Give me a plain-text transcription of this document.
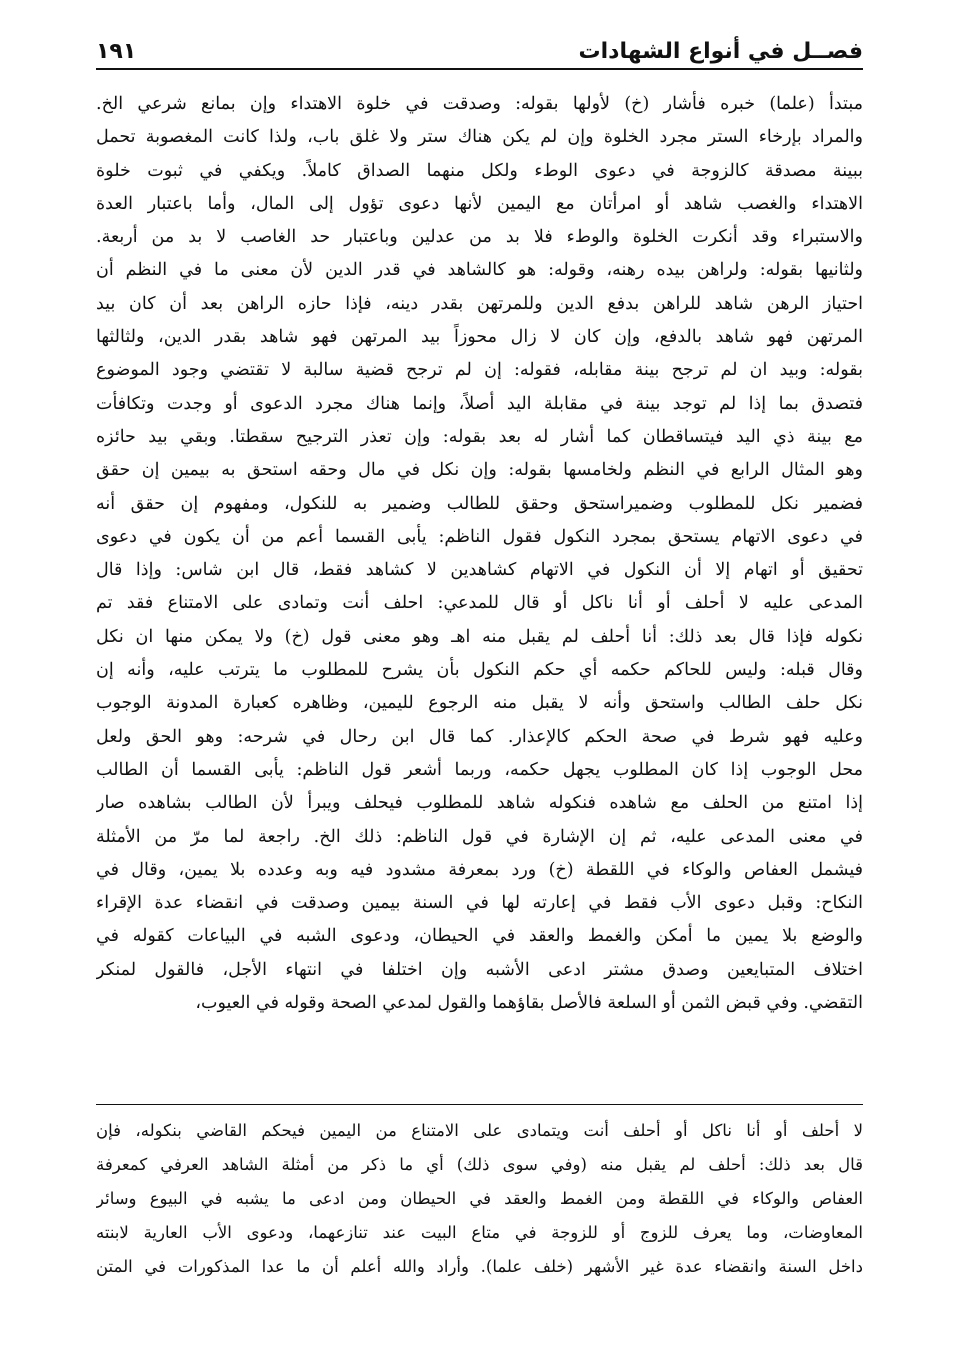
فصــل في أنواع الشهادات
١٩١
مبتدأ (علما) خبره فأشار (خ) لأولها بقوله: وصدقت في خلوة الاهتداء وإن بمانع شرعي الخ.
والمراد بإرخاء الستر مجرد الخلوة وإن لم يكن هناك ستر ولا غلق باب، ولذا كانت المغصوبة تحمل
ببينة مصدقة كالزوجة في دعوى الوطء ولكل منهما الصداق كاملاً. ويكفي في ثبوت خلوة
الاهتداء والغصب شاهد أو امرأتان مع اليمين لأنها دعوى تؤول إلى المال، وأما باعتبار العدة
والاستبراء وقد أنكرت الخلوة والوطء فلا بد من عدلين وباعتبار حد الغاصب لا بد من أربعة.
ولثانيها بقوله: ولراهن بيده رهنه، وقوله: هو كالشاهد في قدر الدين لأن معنى ما في النظم أن
احتياز الرهن شاهد للراهن بدفع الدين وللمرتهن بقدر دينه، فإذا حازه الراهن بعد أن كان بيد
المرتهن فهو شاهد بالدفع، وإن كان لا زال محوزاً بيد المرتهن فهو شاهد بقدر الدين، ولثالثها
بقوله: وبيد ان لم ترجح بينة مقابله، فقوله: إن لم ترجح قضية سالبة لا تقتضي وجود الموضوع
فتصدق بما إذا لم توجد بينة في مقابلة اليد أصلاً، وإنما هناك مجرد الدعوى أو وجدت وتكافأت
مع بينة ذي اليد فيتساقطان كما أشار له بعد بقوله: وإن تعذر الترجيح سقطتا. وبقي بيد حائزه
وهو المثال الرابع في النظم ولخامسها بقوله: وإن نكل في مال وحقه استحق به بيمين إن حقق
فضمير نكل للمطلوب وضميراستحق وحقق للطالب وضمير به للنكول، ومفهوم إن حقق أنه
في دعوى الاتهام يستحق بمجرد النكول فقول الناظم: يأبى القسما أعم من أن يكون في دعوى
تحقيق أو اتهام إلا أن النكول في الاتهام كشاهدين لا كشاهد فقط، قال ابن شاس: وإذا قال
المدعى عليه لا أحلف أو أنا ناكل أو قال للمدعي: احلف أنت وتمادى على الامتناع فقد تم
نكوله فإذا قال بعد ذلك: أنا أحلف لم يقبل منه اهـ وهو معنى قول (خ) ولا يمكن منها ان نكل
وقال قبله: وليس للحاكم حكمه أي حكم النكول بأن يشرح للمطلوب ما يترتب عليه، وأنه إن
نكل حلف الطالب واستحق وأنه لا يقبل منه الرجوع لليمين، وظاهره كعبارة المدونة الوجوب
وعليه فهو شرط في صحة الحكم كالإعذار. كما قال ابن رحال في شرحه: وهو الحق ولعل
محل الوجوب إذا كان المطلوب يجهل حكمه، وربما أشعر قول الناظم: يأبى القسما أن الطالب
إذا امتنع من الحلف مع شاهده فنكوله شاهد للمطلوب فيحلف ويبرأ لأن الطالب بشاهده صار
في معنى المدعى عليه، ثم إن الإشارة في قول الناظم: ذلك الخ. راجعة لما مرّ من الأمثلة
فيشمل العفاص والوكاء في اللقطة (خ) ورد بمعرفة مشدود فيه وبه وعدده بلا يمين، وقال في
النكاح: وقبل دعوى الأب فقط في إعارته لها في السنة بيمين وصدقت في انقضاء عدة الإقراء
والوضع بلا يمين ما أمكن والغمط والعقد في الحيطان، ودعوى الشبه في البياعات كقوله في
اختلاف المتبايعين وصدق مشتر ادعى الأشبه وإن اختلفا في انتهاء الأجل، فالقول لمنكر
التقضي. وفي قبض الثمن أو السلعة فالأصل بقاؤهما والقول لمدعي الصحة وقوله في العيوب،
لا أحلف أو أنا ناكل أو أحلف أنت ويتمادى على الامتناع من اليمين فيحكم القاضي بنكوله، فإن
قال بعد ذلك: أحلف لم يقبل منه (وفي سوى ذلك) أي ما ذكر من أمثلة الشاهد العرفي كمعرفة
العفاص والوكاء في اللقطة ومن الغمط والعقد في الحيطان ومن ادعى ما يشبه في البيوع وسائر
المعاوضات، وما يعرف للزوج أو للزوجة في متاع البيت عند تنازعهما، ودعوى الأب العارية لابنته
داخل السنة وانقضاء عدة غير الأشهر (خلف علما). وأراد والله أعلم أن ما عدا المذكورات في المتن
